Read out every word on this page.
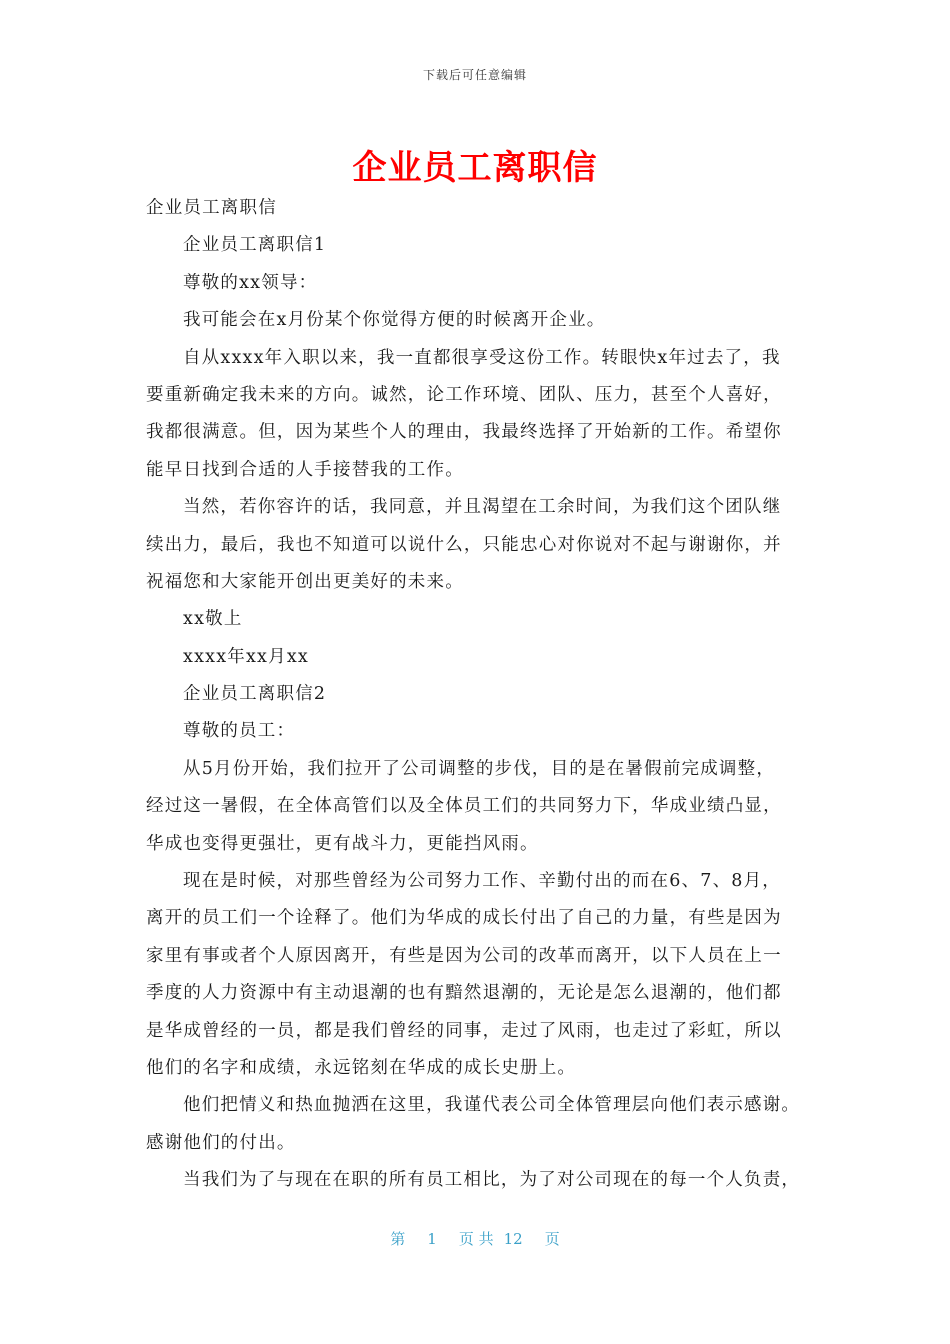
下载后可任意编辑
企业员工离职信
企业员工离职信
企业员工离职信1
尊敬的xx领导：
我可能会在x月份某个你觉得方便的时候离开企业。
自从xxxx年入职以来，我一直都很享受这份工作。转眼快x年过去了，我
要重新确定我未来的方向。诚然，论工作环境、团队、压力，甚至个人喜好，
我都很满意。但，因为某些个人的理由，我最终选择了开始新的工作。希望你
能早日找到合适的人手接替我的工作。
当然，若你容许的话，我同意，并且渴望在工余时间，为我们这个团队继
续出力，最后，我也不知道可以说什么，只能忠心对你说对不起与谢谢你，并
祝福您和大家能开创出更美好的未来。
xx敬上
xxxx年xx月xx
企业员工离职信2
尊敬的员工：
从5月份开始，我们拉开了公司调整的步伐，目的是在暑假前完成调整，
经过这一暑假，在全体高管们以及全体员工们的共同努力下，华成业绩凸显，
华成也变得更强壮，更有战斗力，更能挡风雨。
现在是时候，对那些曾经为公司努力工作、辛勤付出的而在6、7、8月，
离开的员工们一个诠释了。他们为华成的成长付出了自己的力量，有些是因为
家里有事或者个人原因离开，有些是因为公司的改革而离开，以下人员在上一
季度的人力资源中有主动退潮的也有黯然退潮的，无论是怎么退潮的，他们都
是华成曾经的一员，都是我们曾经的同事，走过了风雨，也走过了彩虹，所以
他们的名字和成绩，永远铭刻在华成的成长史册上。
他们把情义和热血抛洒在这里，我谨代表公司全体管理层向他们表示感谢。
感谢他们的付出。
当我们为了与现在在职的所有员工相比，为了对公司现在的每一个人负责，
第 1 页 共 12 页
